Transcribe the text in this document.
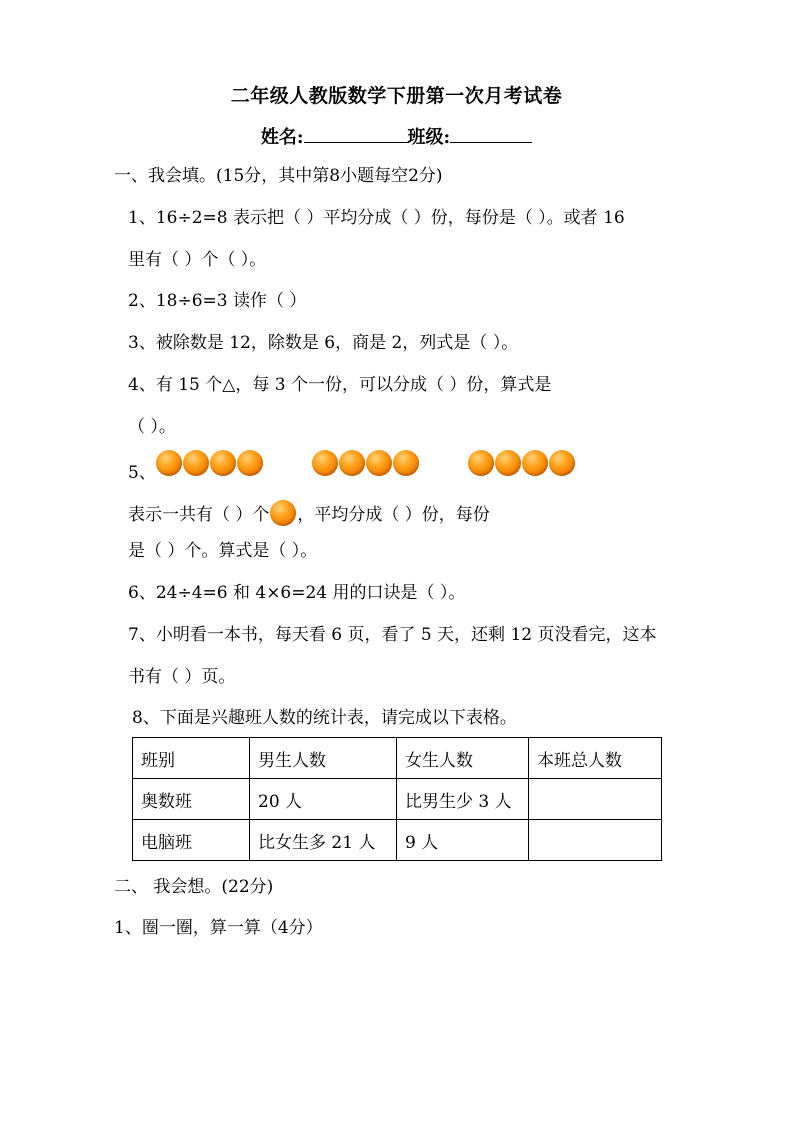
二年级人教版数学下册第一次月考试卷
姓名:	班级:
一、我会填。(15分，其中第8小题每空2分)
1、16÷2=8 表示把（ ）平均分成（ ）份，每份是（ ）。或者 16
里有（ ）个（ ）。
2、18÷6=3 读作（ ）
3、被除数是 12，除数是 6，商是 2，列式是（ ）。
4、有 15 个△，每 3 个一份，可以分成（ ）份，算式是
（ ）。
5、
表示一共有（ ）个 ，平均分成（ ）份，每份
是（ ）个。算式是（ ）。
6、24÷4=6 和 4×6=24 用的口诀是（ ）。
7、小明看一本书，每天看 6 页，看了 5 天，还剩 12 页没看完，这本
书有（ ）页。
8、下面是兴趣班人数的统计表，请完成以下表格。
班别	男生人数	女生人数	本班总人数
奥数班	20 人	比男生少 3 人	
电脑班	比女生多 21 人	9 人	
二、 我会想。(22分)
1、圈一圈，算一算（4分）
